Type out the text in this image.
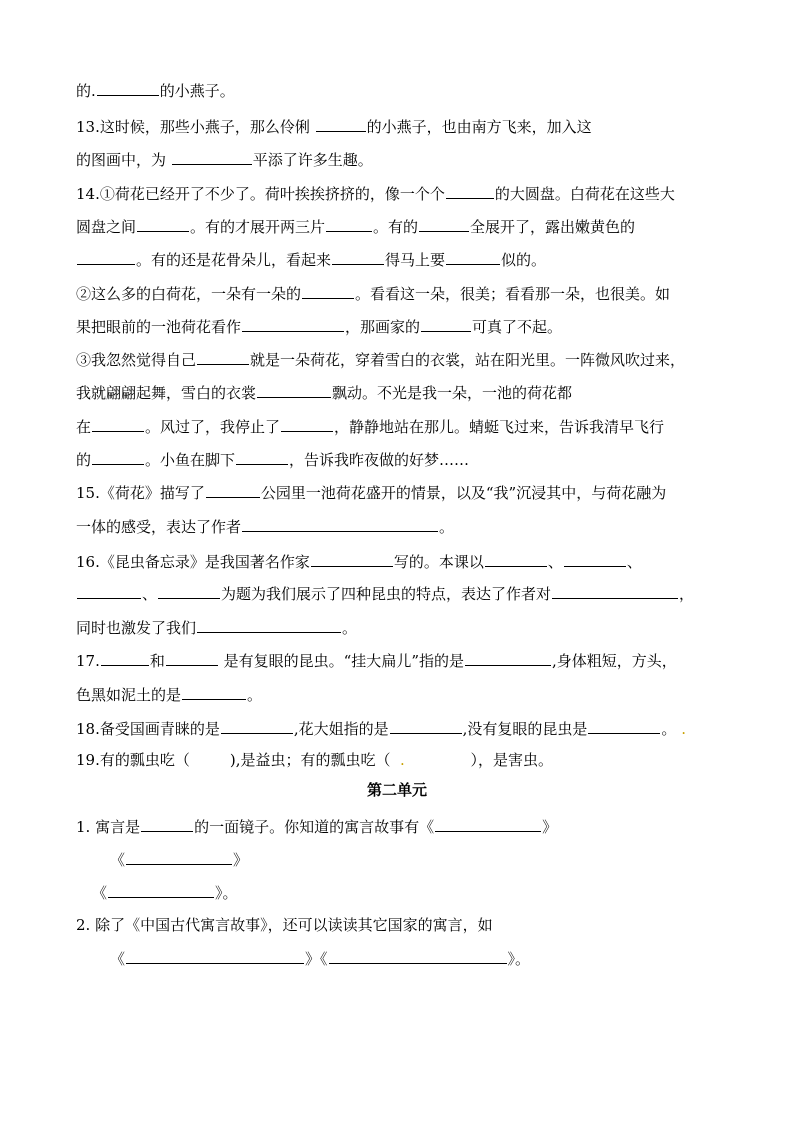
的.	的小燕子。
13.这时候，那些小燕子，那么伶俐	的小燕子，也由南方飞来，加入这
的图画中，为	平添了许多生趣。
14.①荷花已经开了不少了。荷叶挨挨挤挤的，像一个个	的大圆盘。白荷花在这些大
圆盘之间	。有的才展开两三片	。有的	全展开了，露出嫩黄色的
。有的还是花骨朵儿，看起来	得马上要	似的。
②这么多的白荷花，一朵有一朵的	。看看这一朵，很美；看看那一朵，也很美。如
果把眼前的一池荷花看作	，那画家的	可真了不起。
③我忽然觉得自己	就是一朵荷花，穿着雪白的衣裳，站在阳光里。一阵微风吹过来，
我就翩翩起舞，雪白的衣裳	飘动。不光是我一朵，一池的荷花都
在	。风过了，我停止了	，静静地站在那儿。蜻蜓飞过来，告诉我清早飞行
的	。小鱼在脚下	，告诉我昨夜做的好梦……
15.《荷花》描写了	公园里一池荷花盛开的情景，以及“我”沉浸其中，与荷花融为
一体的感受，表达了作者	。
16.《昆虫备忘录》是我国著名作家	写的。本课以	、	、
、	为题为我们展示了四种昆虫的特点，表达了作者对	，
同时也激发了我们	。
17.	和	是有复眼的昆虫。“挂大扁儿”指的是	,身体粗短，方头，
色黑如泥土的是	。
18.备受国画青睐的是	,花大姐指的是	,没有复眼的昆虫是	。 .
19.有的瓢虫吃（	),是益虫；有的瓢虫吃（  .	），是害虫。
第二单元
1. 寓言是	的一面镜子。你知道的寓言故事有《	》
《	》
《	》。
2. 除了《中国古代寓言故事》，还可以读读其它国家的寓言，如
《	》《	》。
